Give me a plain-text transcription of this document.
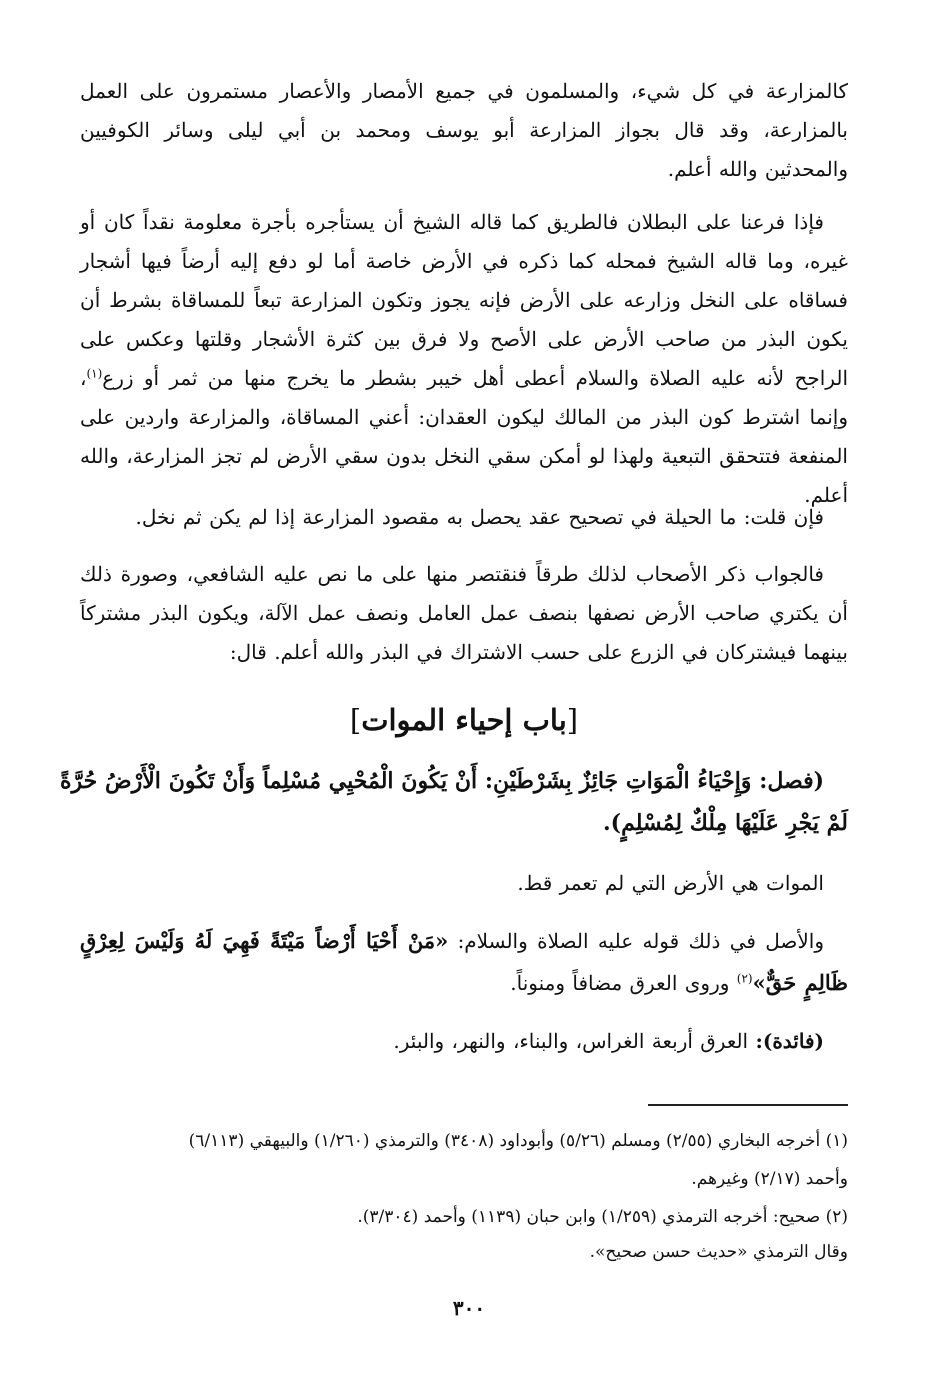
كالمزارعة في كل شيء، والمسلمون في جميع الأمصار والأعصار مستمرون على العمل بالمزارعة، وقد قال بجواز المزارعة أبو يوسف ومحمد بن أبي ليلى وسائر الكوفيين والمحدثين والله أعلم.

فإذا فرعنا على البطلان فالطريق كما قاله الشيخ أن يستأجره بأجرة معلومة نقداً كان أو غيره، وما قاله الشيخ فمحله كما ذكره في الأرض خاصة أما لو دفع إليه أرضاً فيها أشجار فساقاه على النخل وزارعه على الأرض فإنه يجوز وتكون المزارعة تبعاً للمساقاة بشرط أن يكون البذر من صاحب الأرض على الأصح ولا فرق بين كثرة الأشجار وقلتها وعكس على الراجح لأنه عليه الصلاة والسلام أعطى أهل خيبر بشطر ما يخرج منها من ثمر أو زرع$^{(١)}$، وإنما اشترط كون البذر من المالك ليكون العقدان: أعني المساقاة، والمزارعة واردين على المنفعة فتتحقق التبعية ولهذا لو أمكن سقي النخل بدون سقي الأرض لم تجز المزارعة، والله أعلم.

فإن قلت: ما الحيلة في تصحيح عقد يحصل به مقصود المزارعة إذا لم يكن ثم نخل.

فالجواب ذكر الأصحاب لذلك طرقاً فنقتصر منها على ما نص عليه الشافعي، وصورة ذلك أن يكتري صاحب الأرض نصفها بنصف عمل العامل ونصف عمل الآلة، ويكون البذر مشتركاً بينهما فيشتركان في الزرع على حسب الاشتراك في البذر والله أعلم. قال:

[باب إحياء الموات]

(فصل: وَإِحْيَاءُ الْمَوَاتِ جَائِزٌ بِشَرْطَيْنِ: أَنْ يَكُونَ الْمُحْيِي مُسْلِماً وَأَنْ تَكُونَ الْأَرْضُ حُرَّةً لَمْ يَجْرِ عَلَيْهَا مِلْكٌ لِمُسْلِمٍ).

الموات هي الأرض التي لم تعمر قط.

والأصل في ذلك قوله عليه الصلاة والسلام: «مَنْ أَحْيَا أَرْضاً مَيْتَةً فَهِيَ لَهُ وَلَيْسَ لِعِرْقٍ ظَالِمٍ حَقٌّ»$^{(٢)}$ وروى العرق مضافاً ومنوناً.

(فائدة): العرق أربعة الغراس، والبناء، والنهر، والبئر.

(١) أخرجه البخاري (٢/٥٥) ومسلم (٥/٢٦) وأبوداود (٣٤٠٨) والترمذي (١/٢٦٠) والبيهقي (٦/١١٣)

وأحمد (٢/١٧) وغيرهم.

(٢) صحيح: أخرجه الترمذي (١/٢٥٩) وابن حبان (١١٣٩) وأحمد (٣/٣٠٤).

وقال الترمذي «حديث حسن صحيح».

٣٠٠
